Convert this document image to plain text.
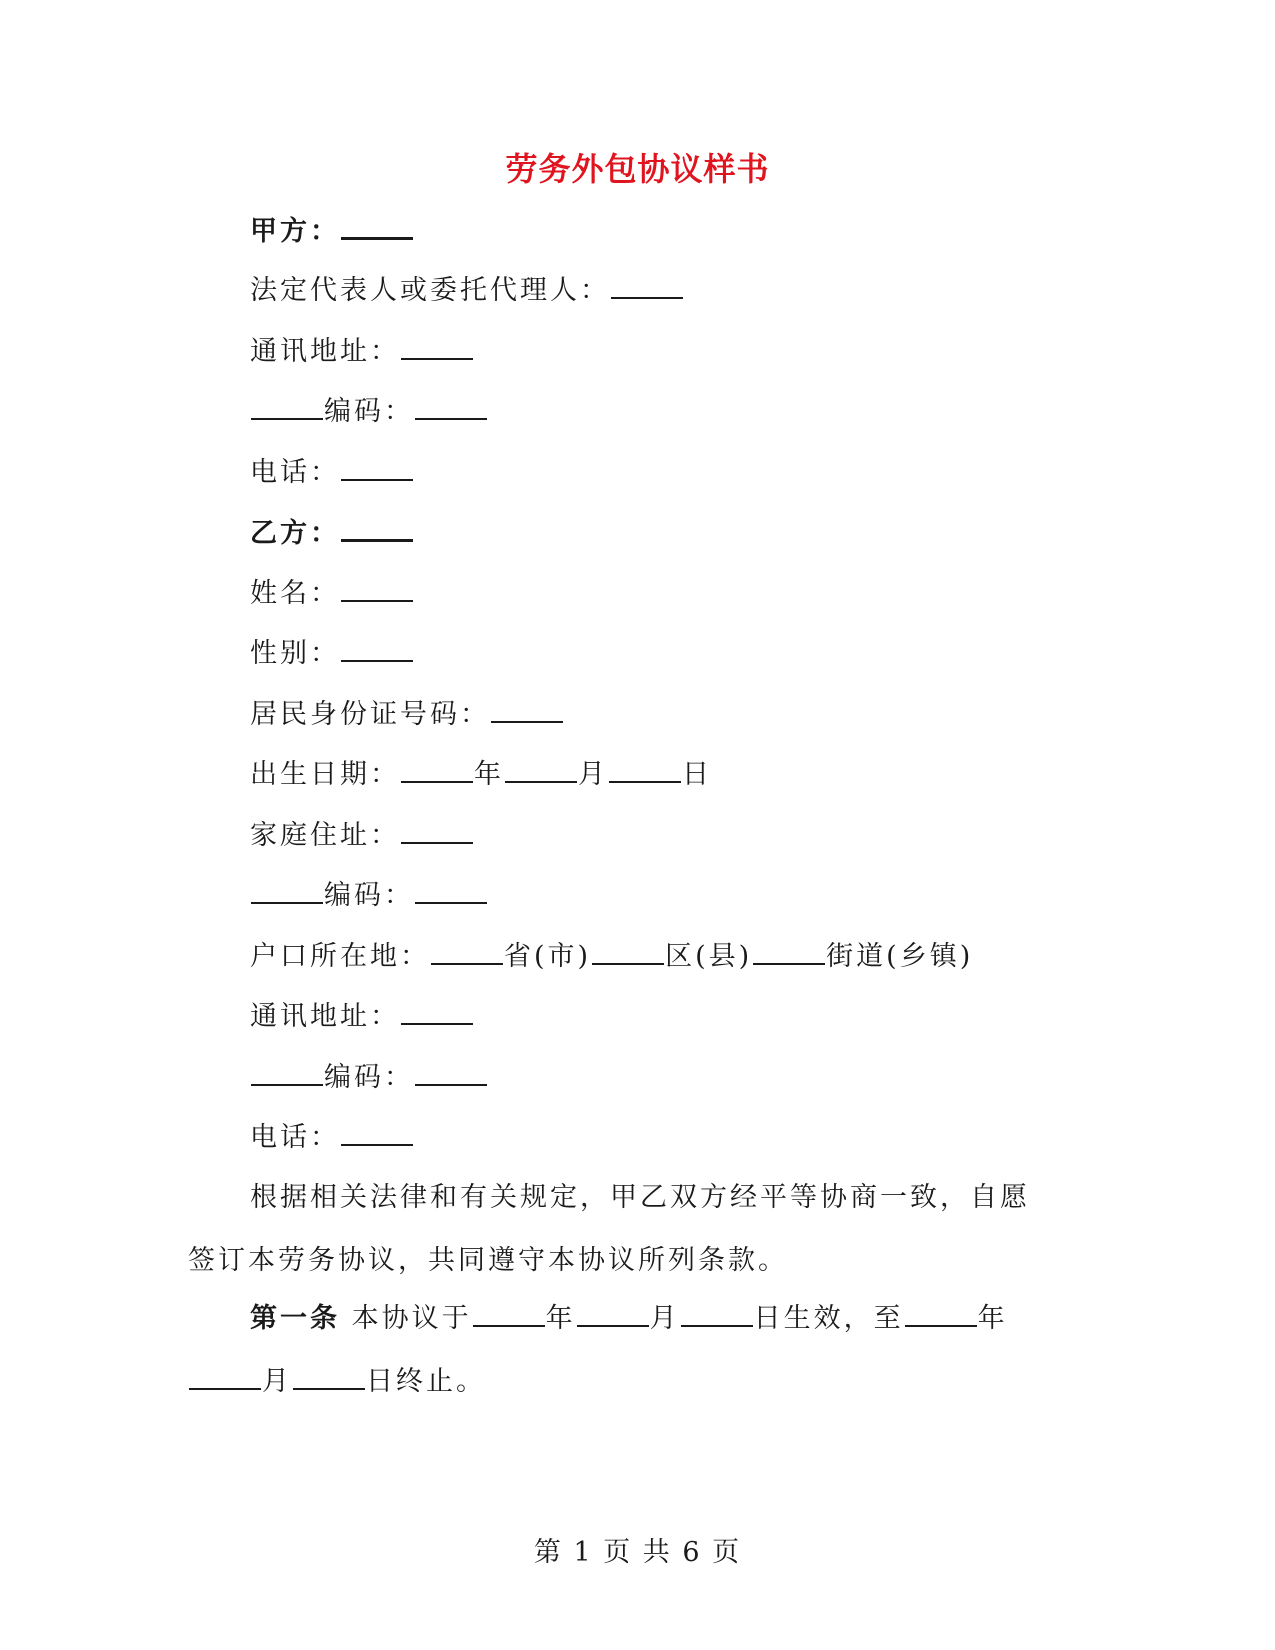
劳务外包协议样书
甲方：
法定代表人或委托代理人：
通讯地址：
编码：
电话：
乙方：
姓名：
性别：
居民身份证号码：
出生日期：	年	月	日
家庭住址：
编码：
户口所在地：	省(市)	区(县)	街道(乡镇)
通讯地址：
编码：
电话：
根据相关法律和有关规定，甲乙双方经平等协商一致，自愿签订本劳务协议，共同遵守本协议所列条款。
第一条 本协议于	年	月	日生效，至	年月	日终止。
第 1 页 共 6 页
